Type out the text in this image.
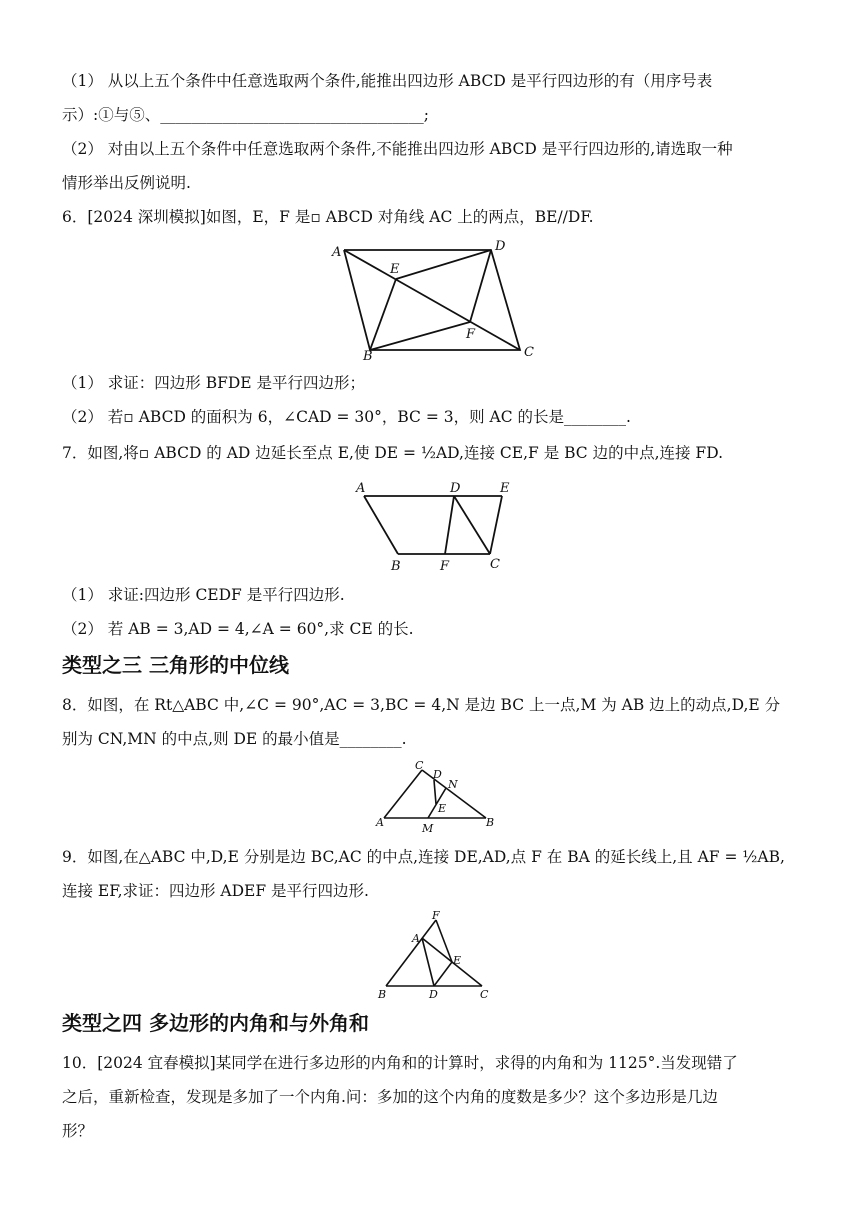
（1） 从以上五个条件中任意选取两个条件,能推出四边形 ABCD 是平行四边形的有（用序号表
示）:①与⑤、__________________________________;
（2） 对由以上五个条件中任意选取两个条件,不能推出四边形 ABCD 是平行四边形的,请选取一种
情形举出反例说明.
6．[2024 深圳模拟]如图，E，F 是▫ ABCD 对角线 AC 上的两点，BE//DF.
A	D
E
F
B	C
（1） 求证：四边形 BFDE 是平行四边形；
（2） 若▫ ABCD 的面积为 6，∠CAD = 30°，BC = 3，则 AC 的长是________.
7．如图,将▫ ABCD 的 AD 边延长至点 E,使 DE = ½AD,连接 CE,F 是 BC 边的中点,连接 FD.
A	D	E
B	F	C
（1） 求证:四边形 CEDF 是平行四边形.
（2） 若 AB = 3,AD = 4,∠A = 60°,求 CE 的长.
类型之三 三角形的中位线
8．如图，在 Rt△ABC 中,∠C = 90°,AC = 3,BC = 4,N 是边 BC 上一点,M 为 AB 边上的动点,D,E 分
别为 CN,MN 的中点,则 DE 的最小值是________.
A
C
D
N
E
M	B
9．如图,在△ABC 中,D,E 分别是边 BC,AC 的中点,连接 DE,AD,点 F 在 BA 的延长线上,且 AF = ½AB,
连接 EF,求证：四边形 ADEF 是平行四边形.
F
A
E
B	D	C
类型之四 多边形的内角和与外角和
10．[2024 宜春模拟]某同学在进行多边形的内角和的计算时，求得的内角和为 1125°.当发现错了
之后，重新检查，发现是多加了一个内角.问：多加的这个内角的度数是多少？这个多边形是几边
形？
